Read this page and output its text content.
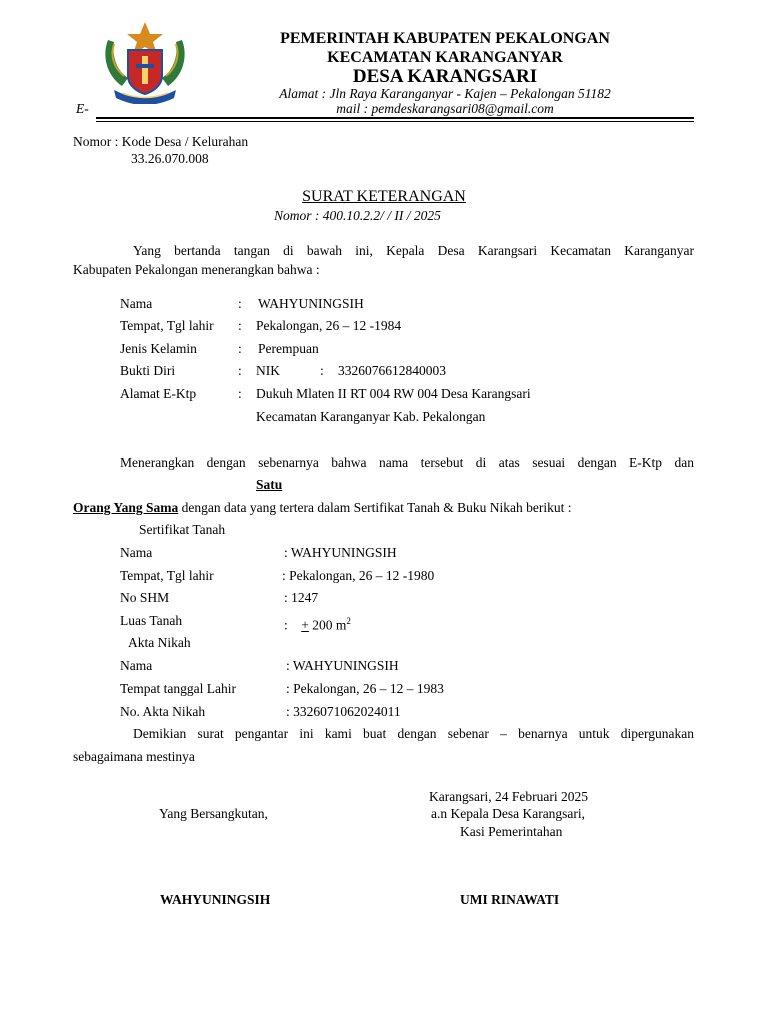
PEMERINTAH KABUPATEN PEKALONGAN
KECAMATAN KARANGANYAR
DESA KARANGSARI
Alamat : Jln Raya Karanganyar - Kajen – Pekalongan 51182
E-	mail : pemdeskarangsari08@gmail.com
Nomor : Kode Desa / Kelurahan
33.26.070.008
SURAT KETERANGAN
Nomor : 400.10.2.2/ / II / 2025
Yang bertanda tangan di bawah ini, Kepala Desa Karangsari Kecamatan Karanganyar
Kabupaten Pekalongan menerangkan bahwa :
Nama	: WAHYUNINGSIH
Tempat, Tgl lahir : Pekalongan, 26 – 12 -1984
Jenis Kelamin	: Perempuan
Bukti Diri	: NIK	: 3326076612840003
Alamat E-Ktp	: Dukuh Mlaten II RT 004 RW 004 Desa Karangsari
Kecamatan Karanganyar Kab. Pekalongan
Menerangkan dengan sebenarnya bahwa nama tersebut di atas sesuai dengan E-Ktp dan
Satu
Orang Yang Sama dengan data yang tertera dalam Sertifikat Tanah & Buku Nikah berikut :
Sertifikat Tanah
Nama	: WAHYUNINGSIH
Tempat, Tgl lahir	: Pekalongan, 26 – 12 -1980
No SHM	: 1247
Luas Tanah	: + 200 $m^2$
Akta Nikah
Nama	: WAHYUNINGSIH
Tempat tanggal Lahir	: Pekalongan, 26 – 12 – 1983
No. Akta Nikah	: 3326071062024011
Demikian surat pengantar ini kami buat dengan sebenar – benarnya untuk dipergunakan
sebagaimana mestinya
Karangsari, 24 Februari 2025
Yang Bersangkutan,	a.n Kepala Desa Karangsari,
Kasi Pemerintahan
WAHYUNINGSIH	UMI RINAWATI
